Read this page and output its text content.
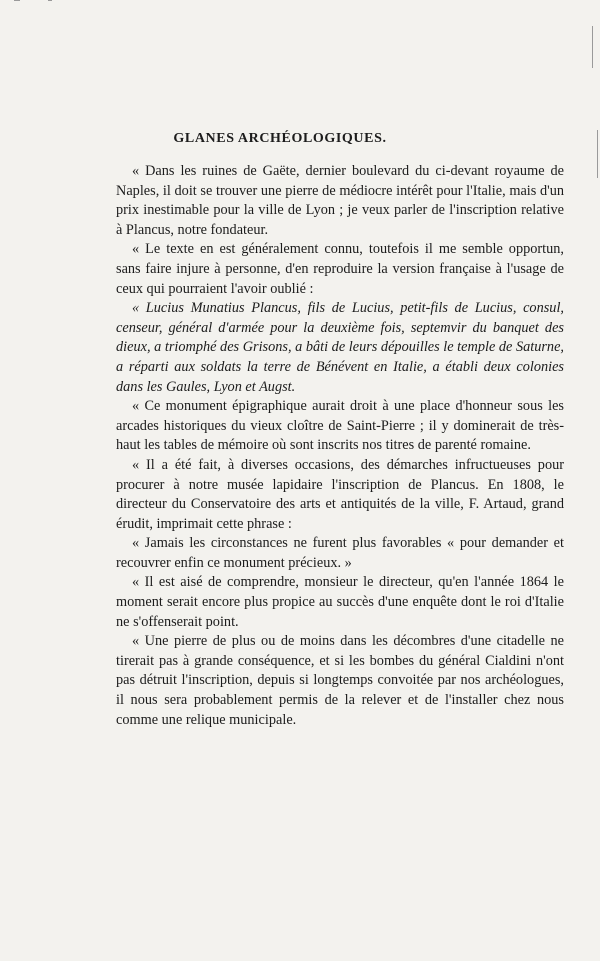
GLANES ARCHÉOLOGIQUES.

« Dans les ruines de Gaëte, dernier boulevard du ci-devant royaume de Naples, il doit se trouver une pierre de médiocre intérêt pour l'Italie, mais d'un prix inestimable pour la ville de Lyon ; je veux parler de l'inscription relative à Plancus, notre fondateur.

« Le texte en est généralement connu, toutefois il me semble opportun, sans faire injure à personne, d'en reproduire la version française à l'usage de ceux qui pourraient l'avoir oublié :

« Lucius Munatius Plancus, fils de Lucius, petit-fils de Lucius, consul, censeur, général d'armée pour la deuxième fois, septemvir du banquet des dieux, a triomphé des Grisons, a bâti de leurs dépouilles le temple de Saturne, a réparti aux soldats la terre de Bénévent en Italie, a établi deux colonies dans les Gaules, Lyon et Augst.

« Ce monument épigraphique aurait droit à une place d'honneur sous les arcades historiques du vieux cloître de Saint-Pierre ; il y dominerait de très-haut les tables de mémoire où sont inscrits nos titres de parenté romaine.

« Il a été fait, à diverses occasions, des démarches infructueuses pour procurer à notre musée lapidaire l'inscription de Plancus. En 1808, le directeur du Conservatoire des arts et antiquités de la ville, F. Artaud, grand érudit, imprimait cette phrase :

« Jamais les circonstances ne furent plus favorables « pour demander et recouvrer enfin ce monument précieux. »

« Il est aisé de comprendre, monsieur le directeur, qu'en l'année 1864 le moment serait encore plus propice au succès d'une enquête dont le roi d'Italie ne s'offenserait point.

« Une pierre de plus ou de moins dans les décombres d'une citadelle ne tirerait pas à grande conséquence, et si les bombes du général Cialdini n'ont pas détruit l'inscription, depuis si longtemps convoitée par nos archéologues, il nous sera probablement permis de la relever et de l'installer chez nous comme une relique municipale.
